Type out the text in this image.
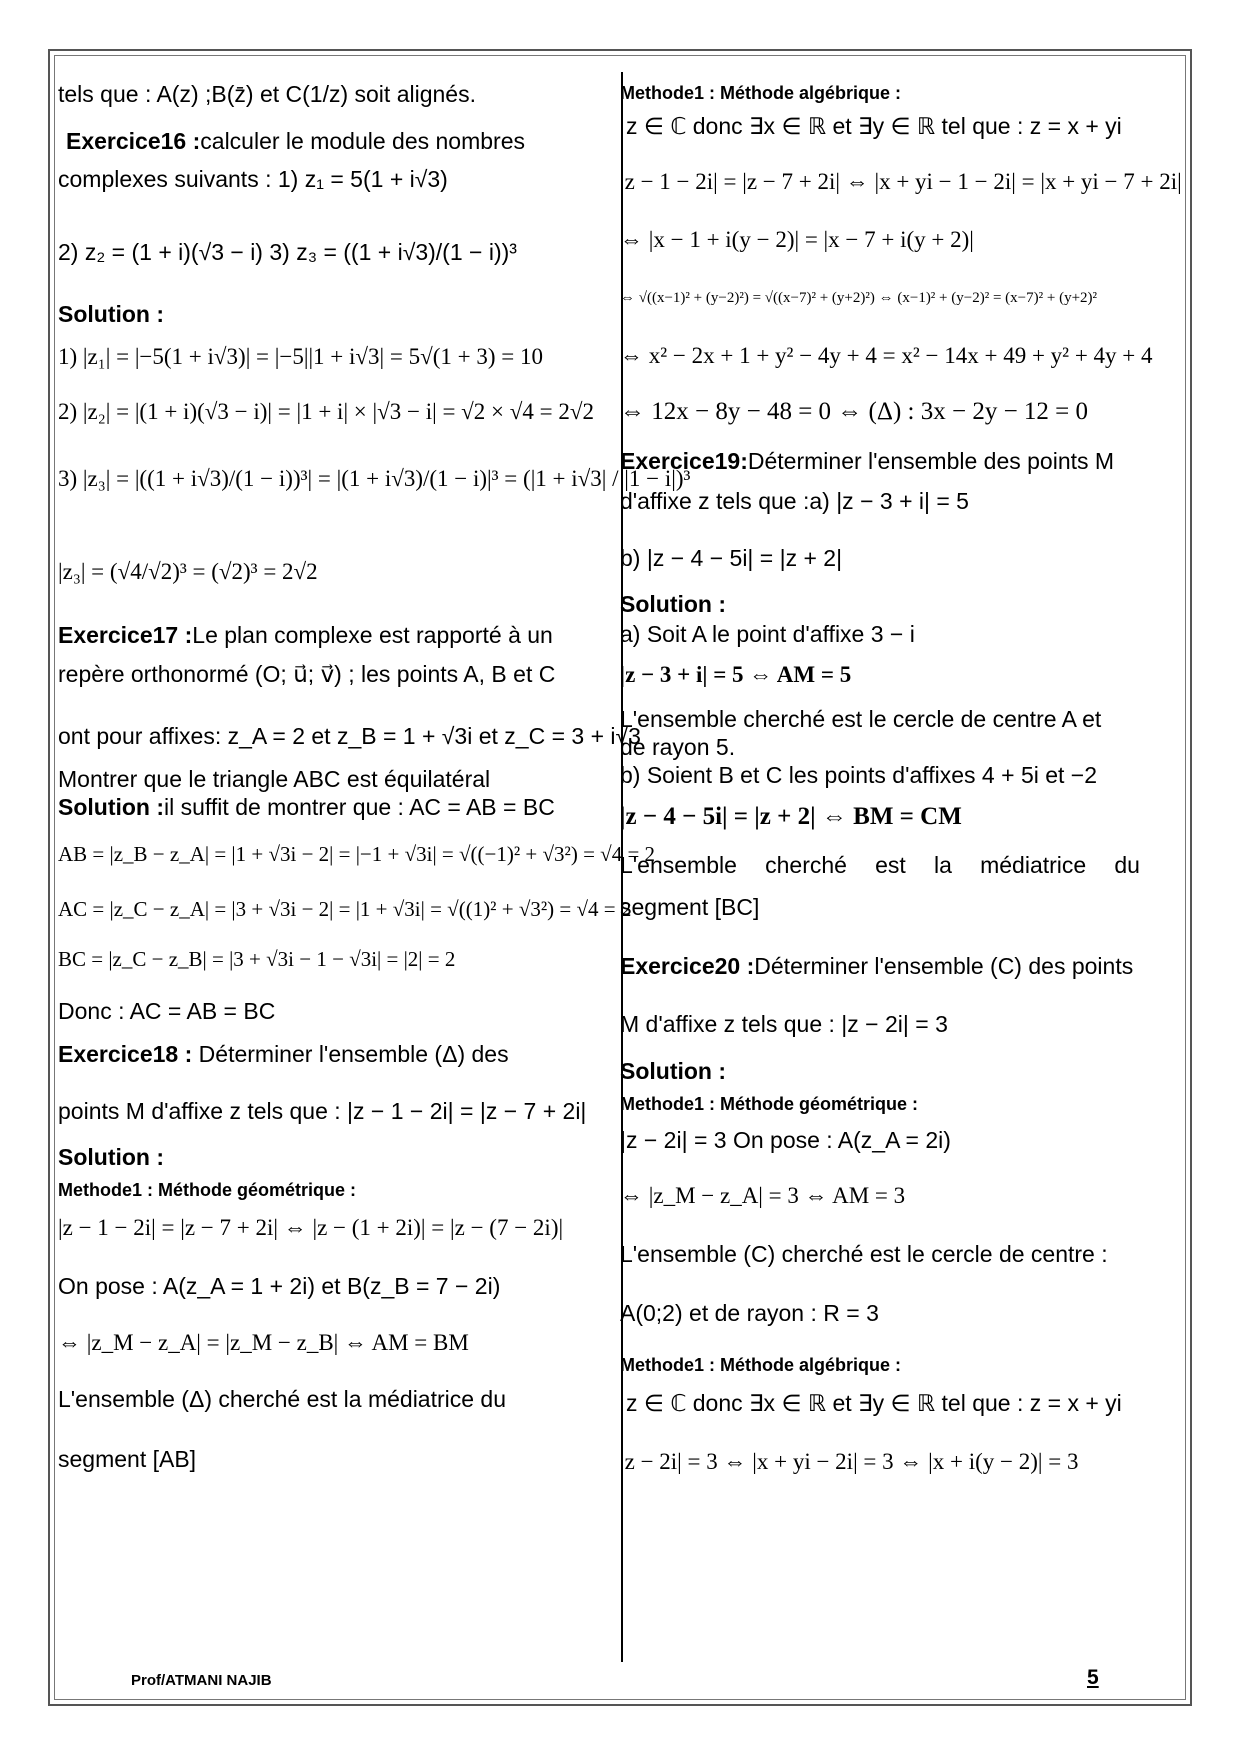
tels que : A(z) ;B(z̄) et C(1/z) soit alignés.
Exercice16 :calculer le module des nombres
complexes suivants : 1) z₁ = 5(1 + i√3)
2) z₂ = (1 + i)(√3 − i) 3) z₃ = ((1 + i√3)/(1 − i))³
Solution :
1) |z₁| = |−5(1 + i√3)| = |−5||1 + i√3| = 5√(1 + 3) = 10
2) |z₂| = |(1 + i)(√3 − i)| = |1 + i| × |√3 − i| = √2 × √4 = 2√2
3) |z₃| = |((1 + i√3)/(1 − i))³| = |(1 + i√3)/(1 − i)|³ = (|1 + i√3| / |1 − i|)³
|z₃| = (√4/√2)³ = (√2)³ = 2√2
Exercice17 :Le plan complexe est rapporté à un
repère orthonormé (O; u⃗; v⃗) ; les points A, B et C
ont pour affixes: z_A = 2 et z_B = 1 + √3i et z_C = 3 + i√3
Montrer que le triangle ABC est équilatéral
Solution :il suffit de montrer que : AC = AB = BC
AB = |z_B − z_A| = |1 + √3i − 2| = |−1 + √3i| = √((−1)² + √3²) = √4 = 2
AC = |z_C − z_A| = |3 + √3i − 2| = |1 + √3i| = √((1)² + √3²) = √4 = 2
BC = |z_C − z_B| = |3 + √3i − 1 − √3i| = |2| = 2
Donc : AC = AB = BC
Exercice18 : Déterminer l'ensemble (Δ) des
points M d'affixe z tels que : |z − 1 − 2i| = |z − 7 + 2i|
Solution :
Methode1 : Méthode géométrique :
|z − 1 − 2i| = |z − 7 + 2i| ⇔ |z − (1 + 2i)| = |z − (7 − 2i)|
On pose : A(z_A = 1 + 2i) et B(z_B = 7 − 2i)
⇔ |z_M − z_A| = |z_M − z_B| ⇔ AM = BM
L'ensemble (Δ) cherché est la médiatrice du
segment [AB]
Methode1 : Méthode algébrique :
z ∈ ℂ donc ∃x ∈ ℝ et ∃y ∈ ℝ tel que : z = x + yi
|z − 1 − 2i| = |z − 7 + 2i| ⇔ |x + yi − 1 − 2i| = |x + yi − 7 + 2i|
⇔ |x − 1 + i(y − 2)| = |x − 7 + i(y + 2)|
⇔ √((x−1)² + (y−2)²) = √((x−7)² + (y+2)²) ⇔ (x−1)² + (y−2)² = (x−7)² + (y+2)²
⇔ x² − 2x + 1 + y² − 4y + 4 = x² − 14x + 49 + y² + 4y + 4
⇔ 12x − 8y − 48 = 0 ⇔ (Δ) : 3x − 2y − 12 = 0
Exercice19:Déterminer l'ensemble des points M
d'affixe z tels que :a) |z − 3 + i| = 5
b) |z − 4 − 5i| = |z + 2|
Solution :
a) Soit A le point d'affixe 3 − i
|z − 3 + i| = 5 ⇔ AM = 5
L'ensemble cherché est le cercle de centre A et
de rayon 5.
b) Soient B et C les points d'affixes 4 + 5i et −2
|z − 4 − 5i| = |z + 2| ⇔ BM = CM
L'ensemble cherché est la médiatrice du
segment [BC]
Exercice20 :Déterminer l'ensemble (C) des points
M d'affixe z tels que : |z − 2i| = 3
Solution :
Methode1 : Méthode géométrique :
|z − 2i| = 3 On pose : A(z_A = 2i)
⇔ |z_M − z_A| = 3 ⇔ AM = 3
L'ensemble (C) cherché est le cercle de centre :
A(0;2) et de rayon : R = 3
Methode1 : Méthode algébrique :
z ∈ ℂ donc ∃x ∈ ℝ et ∃y ∈ ℝ tel que : z = x + yi
|z − 2i| = 3 ⇔ |x + yi − 2i| = 3 ⇔ |x + i(y − 2)| = 3
Prof/ATMANI NAJIB	5
